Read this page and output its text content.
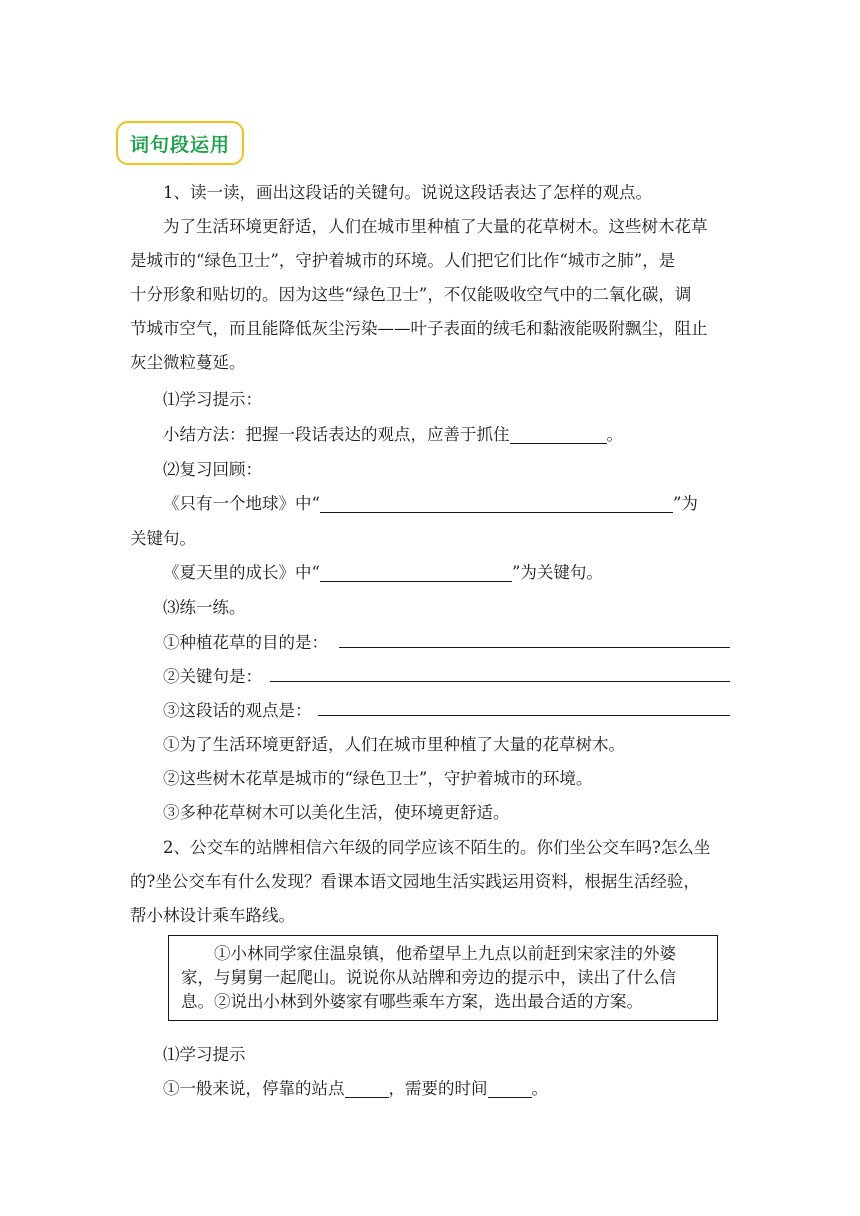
词句段运用
1、读一读，画出这段话的关键句。说说这段话表达了怎样的观点。
为了生活环境更舒适，人们在城市里种植了大量的花草树木。这些树木花草
是城市的“绿色卫士”，守护着城市的环境。人们把它们比作“城市之肺”，是
十分形象和贴切的。因为这些“绿色卫士”，不仅能吸收空气中的二氧化碳，调
节城市空气，而且能降低灰尘污染——叶子表面的绒毛和黏液能吸附飘尘，阻止
灰尘微粒蔓延。
⑴学习提示：
小结方法：把握一段话表达的观点，应善于抓住	。
⑵复习回顾：
《只有一个地球》中“	”为
关键句。
《夏天里的成长》中“	”为关键句。
⑶练一练。
①种植花草的目的是：
②关键句是：
③这段话的观点是：
①为了生活环境更舒适，人们在城市里种植了大量的花草树木。
②这些树木花草是城市的“绿色卫士”，守护着城市的环境。
③多种花草树木可以美化生活，使环境更舒适。
2、公交车的站牌相信六年级的同学应该不陌生的。你们坐公交车吗?怎么坐
的?坐公交车有什么发现？看课本语文园地生活实践运用资料，根据生活经验，
帮小林设计乘车路线。
①小林同学家住温泉镇，他希望早上九点以前赶到宋家洼的外婆
家，与舅舅一起爬山。说说你从站牌和旁边的提示中，读出了什么信
息。②说出小林到外婆家有哪些乘车方案，选出最合适的方案。
⑴学习提示
①一般来说，停靠的站点	，需要的时间	。
